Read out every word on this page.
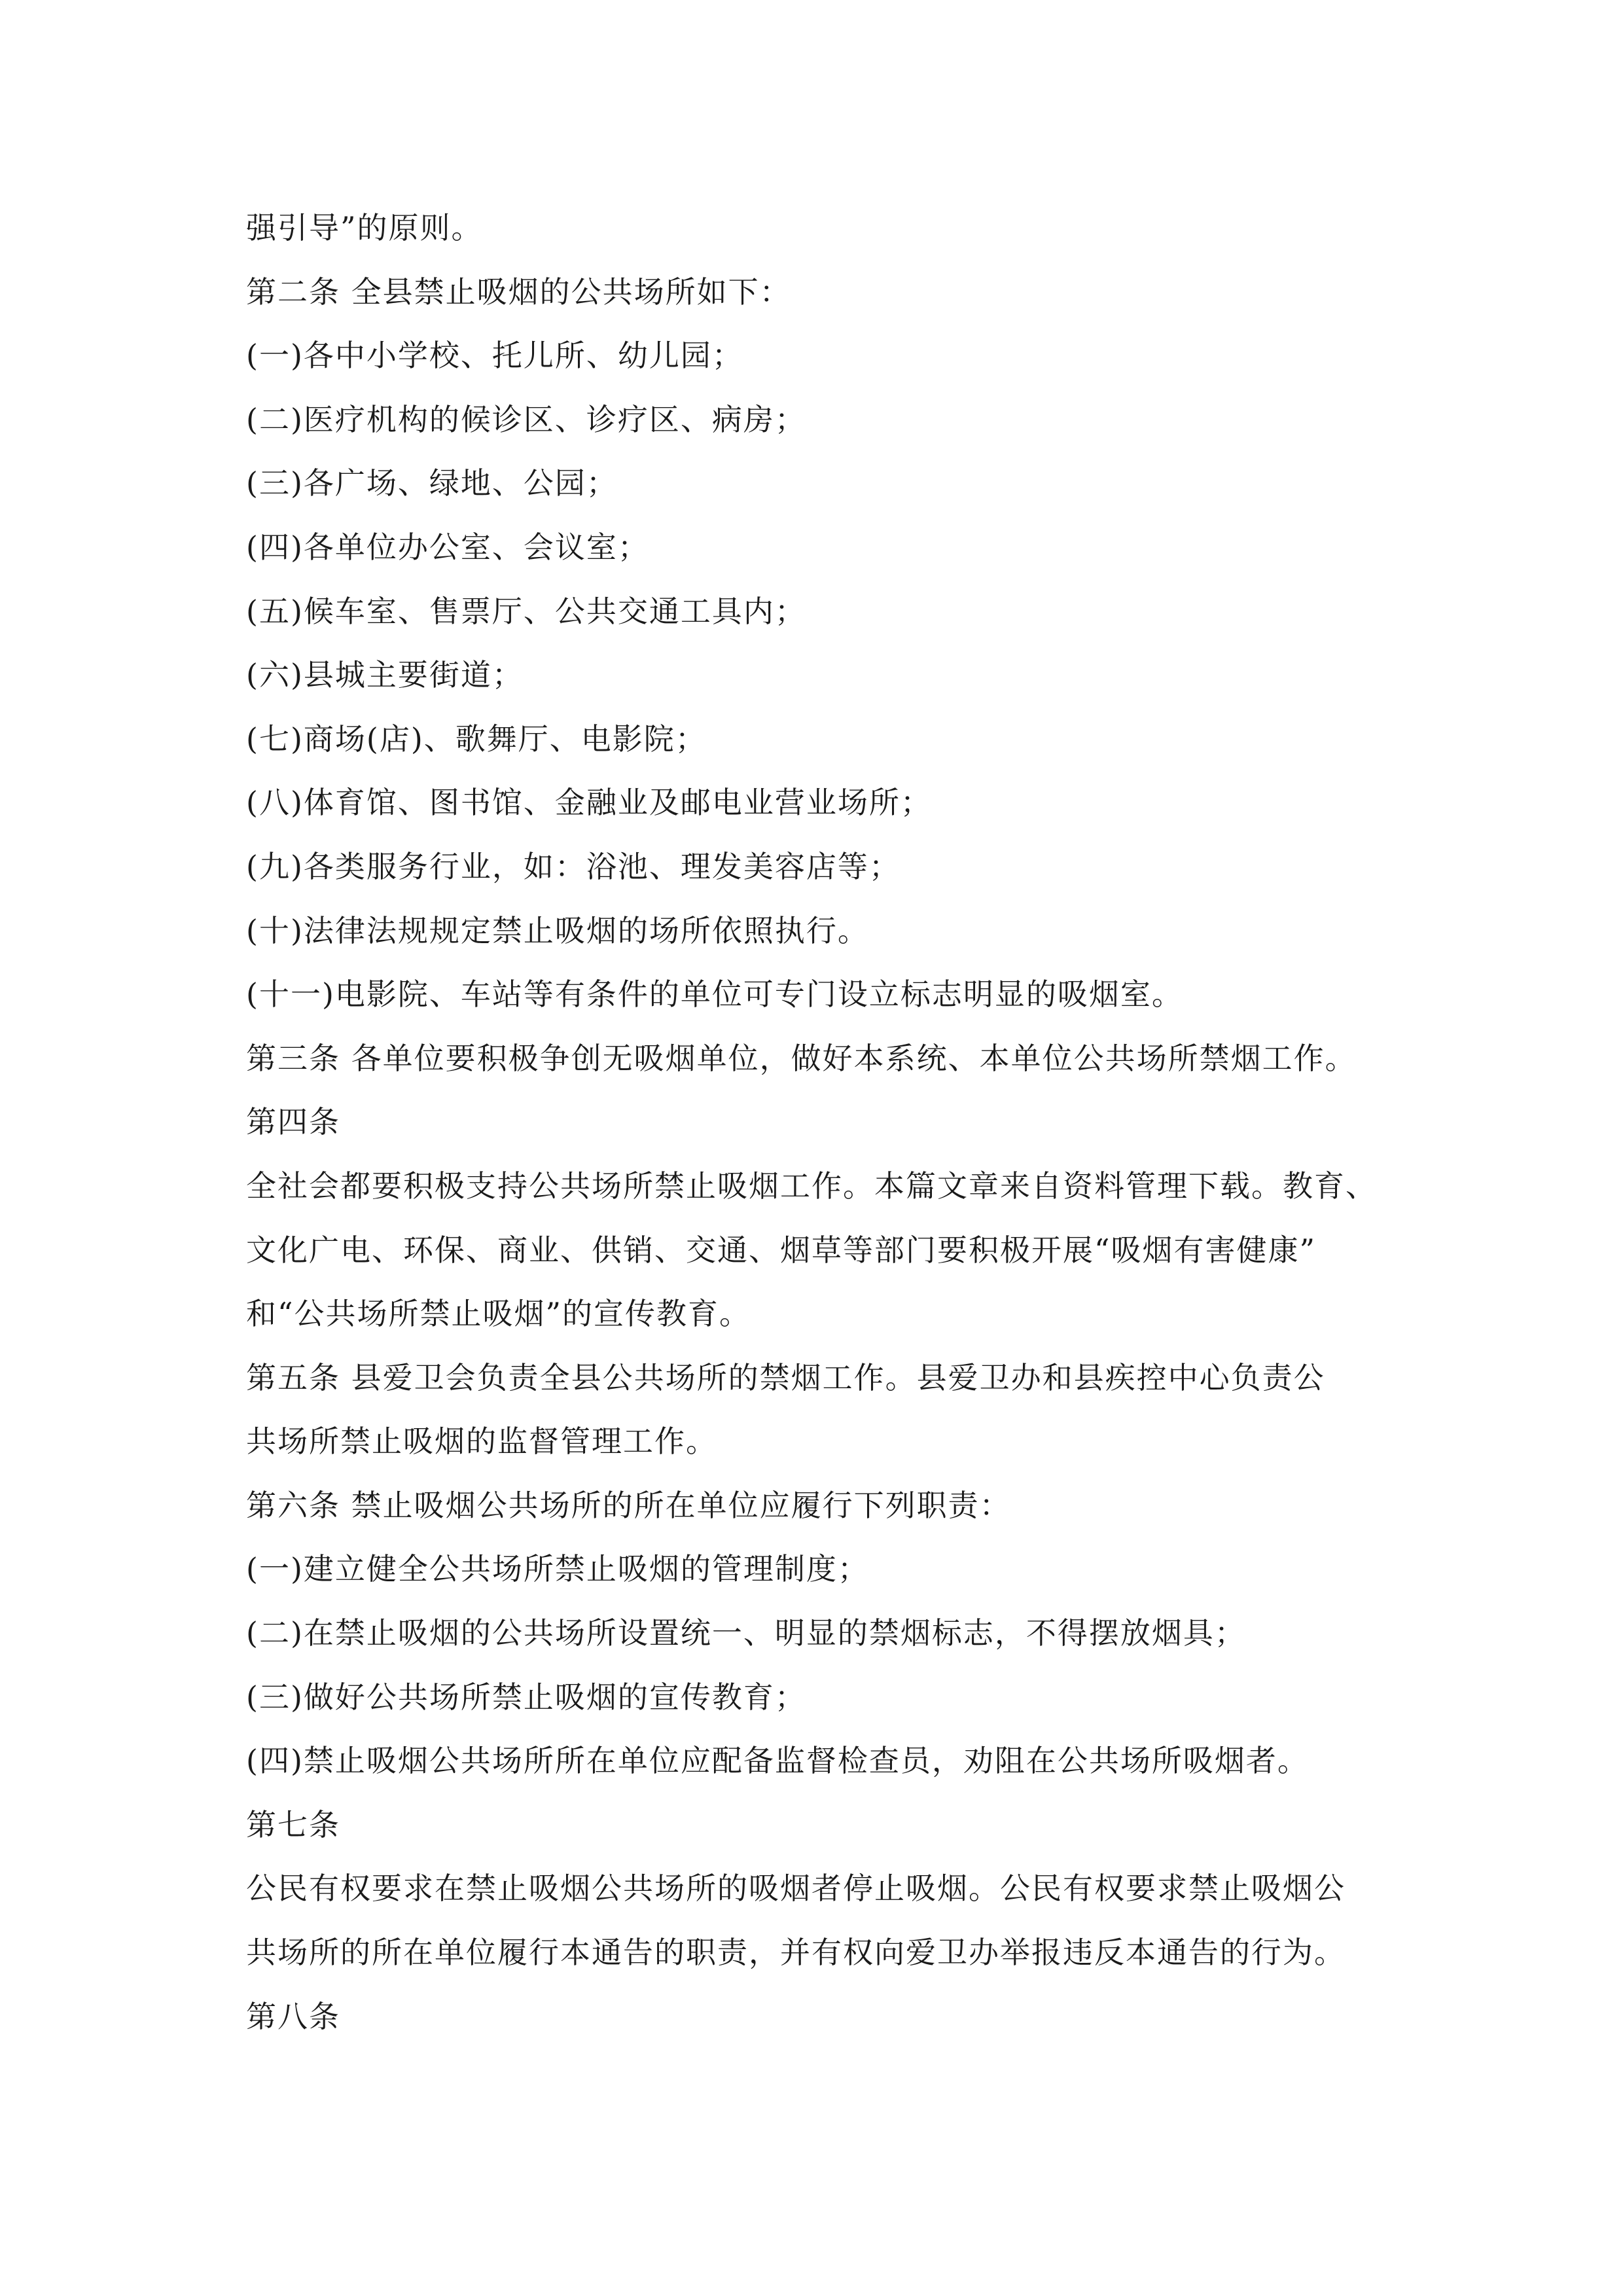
强引导”的原则。
第二条 全县禁止吸烟的公共场所如下：
(一)各中小学校、托儿所、幼儿园；
(二)医疗机构的候诊区、诊疗区、病房；
(三)各广场、绿地、公园；
(四)各单位办公室、会议室；
(五)候车室、售票厅、公共交通工具内；
(六)县城主要街道；
(七)商场(店)、歌舞厅、电影院；
(八)体育馆、图书馆、金融业及邮电业营业场所；
(九)各类服务行业，如：浴池、理发美容店等；
(十)法律法规规定禁止吸烟的场所依照执行。
(十一)电影院、车站等有条件的单位可专门设立标志明显的吸烟室。
第三条 各单位要积极争创无吸烟单位，做好本系统、本单位公共场所禁烟工作。
第四条
全社会都要积极支持公共场所禁止吸烟工作。本篇文章来自资料管理下载。教育、
文化广电、环保、商业、供销、交通、烟草等部门要积极开展“吸烟有害健康”
和“公共场所禁止吸烟”的宣传教育。
第五条 县爱卫会负责全县公共场所的禁烟工作。县爱卫办和县疾控中心负责公
共场所禁止吸烟的监督管理工作。
第六条 禁止吸烟公共场所的所在单位应履行下列职责：
(一)建立健全公共场所禁止吸烟的管理制度；
(二)在禁止吸烟的公共场所设置统一、明显的禁烟标志，不得摆放烟具；
(三)做好公共场所禁止吸烟的宣传教育；
(四)禁止吸烟公共场所所在单位应配备监督检查员，劝阻在公共场所吸烟者。
第七条
公民有权要求在禁止吸烟公共场所的吸烟者停止吸烟。公民有权要求禁止吸烟公
共场所的所在单位履行本通告的职责，并有权向爱卫办举报违反本通告的行为。
第八条
